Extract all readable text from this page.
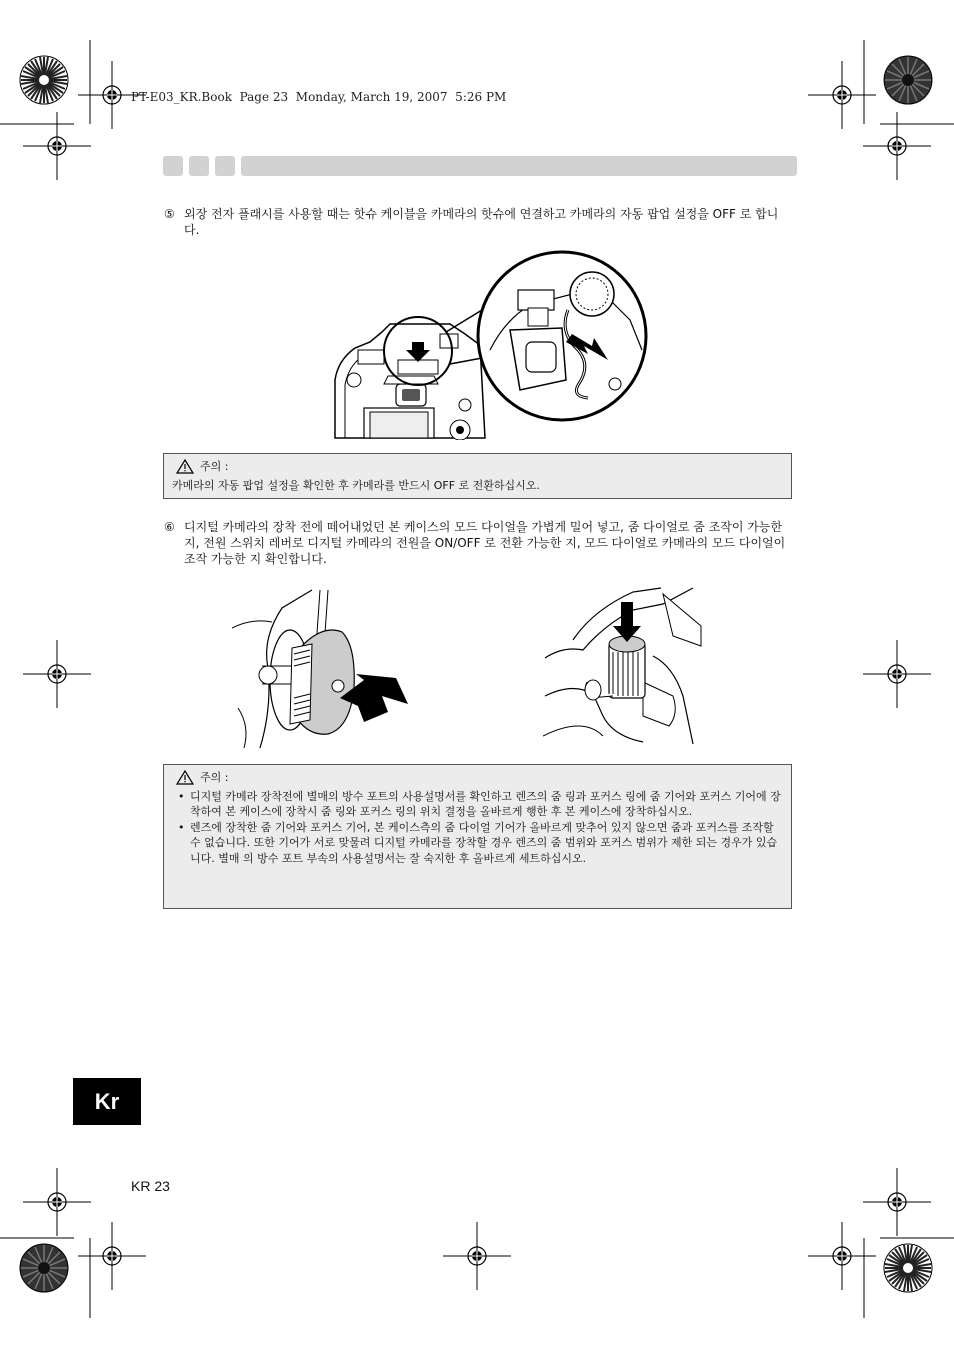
PT-E03_KR.Book  Page 23  Monday, March 19, 2007  5:26 PM
⑤ 외장 전자 플래시를 사용할 때는 핫슈 케이블을 카메라의 핫슈에 연결하고 카메라의 자동 팝업 설정을 OFF 로 합니다.
주의 :
카메라의 자동 팝업 설정을 확인한 후 카메라를 반드시 OFF 로 전환하십시오.
⑥ 디지털 카메라의 장착 전에 떼어내었던 본 케이스의 모드 다이얼을 가볍게 밀어 넣고, 줌 다이얼로 줌 조작이 가능한 지, 전원 스위치 레버로 디지털 카메라의 전원을 ON/OFF 로 전환 가능한 지, 모드 다이얼로 카메라의 모드 다이얼이 조작 가능한 지 확인합니다.
주의 :
• 디지털 카메라 장착전에 별매의 방수 포트의 사용설명서를 확인하고 렌즈의 줌 링과 포커스 링에 줌 기어와 포커스 기어에 장착하여 본 케이스에 장착시 줌 링와 포커스 링의 위치 결정을 올바르게 행한 후 본 케이스에 장착하십시오.
• 렌즈에 장착한 줌 기어와 포커스 기어, 본 케이스측의 줌 다이얼 기어가 올바르게 맞추어 있지 않으면 줌과 포커스를 조작할 수 없습니다. 또한 기어가 서로 맞물려 디지털 카메라를 장착할 경우 렌즈의 줌 범위와 포커스 범위가 제한 되는 경우가 있습니다. 별매 의 방수 포트 부속의 사용설명서는 잘 숙지한 후 올바르게 세트하십시오.
Kr
KR 23
